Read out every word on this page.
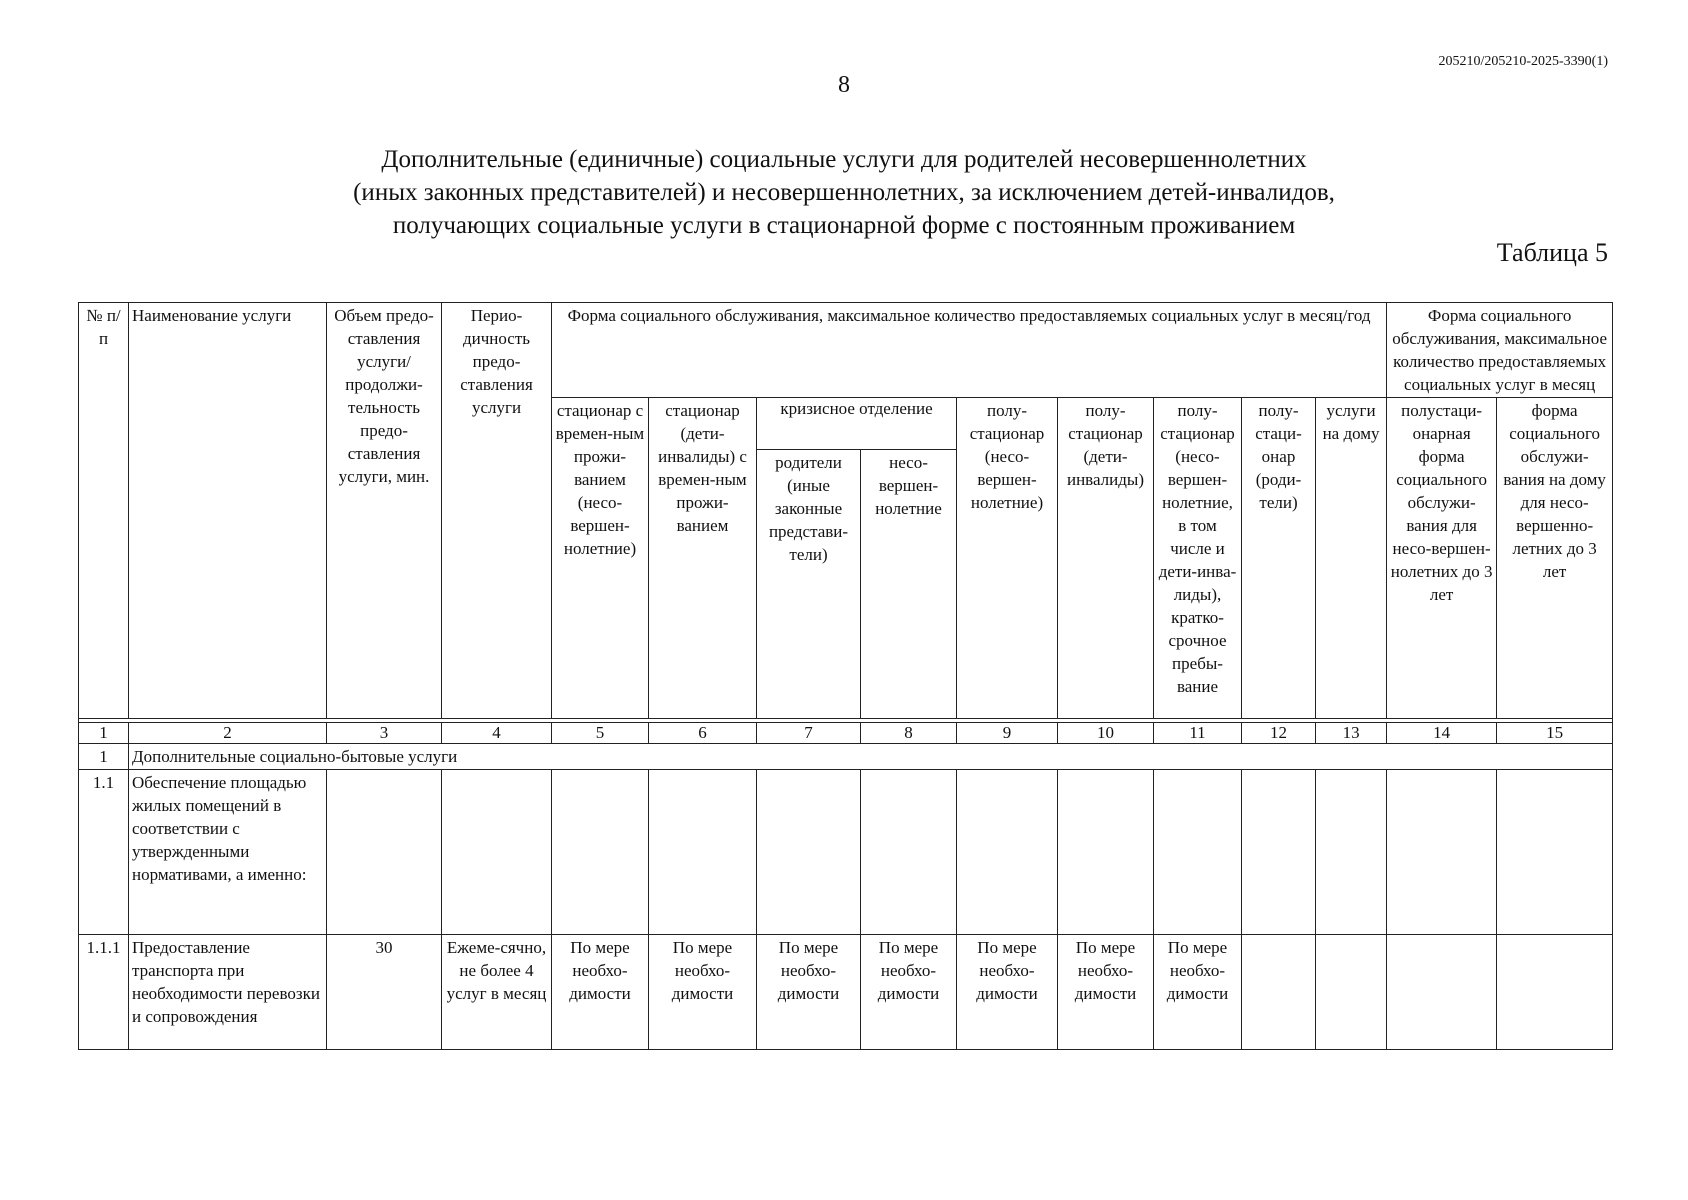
205210/205210-2025-3390(1)
8
Дополнительные (единичные) социальные услуги для родителей несовершеннолетних
(иных законных представителей) и несовершеннолетних, за исключением детей-инвалидов,
получающих социальные услуги в стационарной форме с постоянным проживанием
Таблица 5
№ п/п	Наименование услуги	Объем предо-ставления услуги/ продолжи-тельность предо-ставления услуги, мин.	Перио-дичность предо-ставления услуги	Форма социального обслуживания, максимальное количество предоставляемых социальных услуг в месяц/год									Форма социального обслуживания, максимальное количество предоставляемых социальных услуг в месяц	
				стационар с времен-ным прожи-ванием (несо-вершен-нолетние)	стационар (дети-инвалиды) с времен-ным прожи-ванием	кризисное отделение		полу-стационар (несо-вершен-нолетние)	полу-стационар (дети-инвалиды)	полу-стационар (несо-вершен-нолетние, в том числе и дети-инва-лиды), кратко-срочное пребы-вание	полу-стаци-онар (роди-тели)	услуги на дому	полустаци-онарная форма социального обслужи-вания для несо-вершен-нолетних до 3 лет	форма социального обслужи-вания на дому для несо-вершенно-летних до 3 лет
						родители (иные законные представи-тели)	несо-вершен-нолетние							

1	2	3	4	5	6	7	8	9	10	11	12	13	14	15
1	Дополнительные социально-бытовые услуги													
1.1	Обеспечение площадью жилых помещений в соответствии с утвержденными нормативами, а именно:													
1.1.1	Предоставление транспорта при необходимости перевозки и сопровождения	30	Ежеме-сячно, не более 4 услуг в месяц	По мере необхо-димости	По мере необхо-димости	По мере необхо-димости	По мере необхо-димости	По мере необхо-димости	По мере необхо-димости	По мере необхо-димости				
